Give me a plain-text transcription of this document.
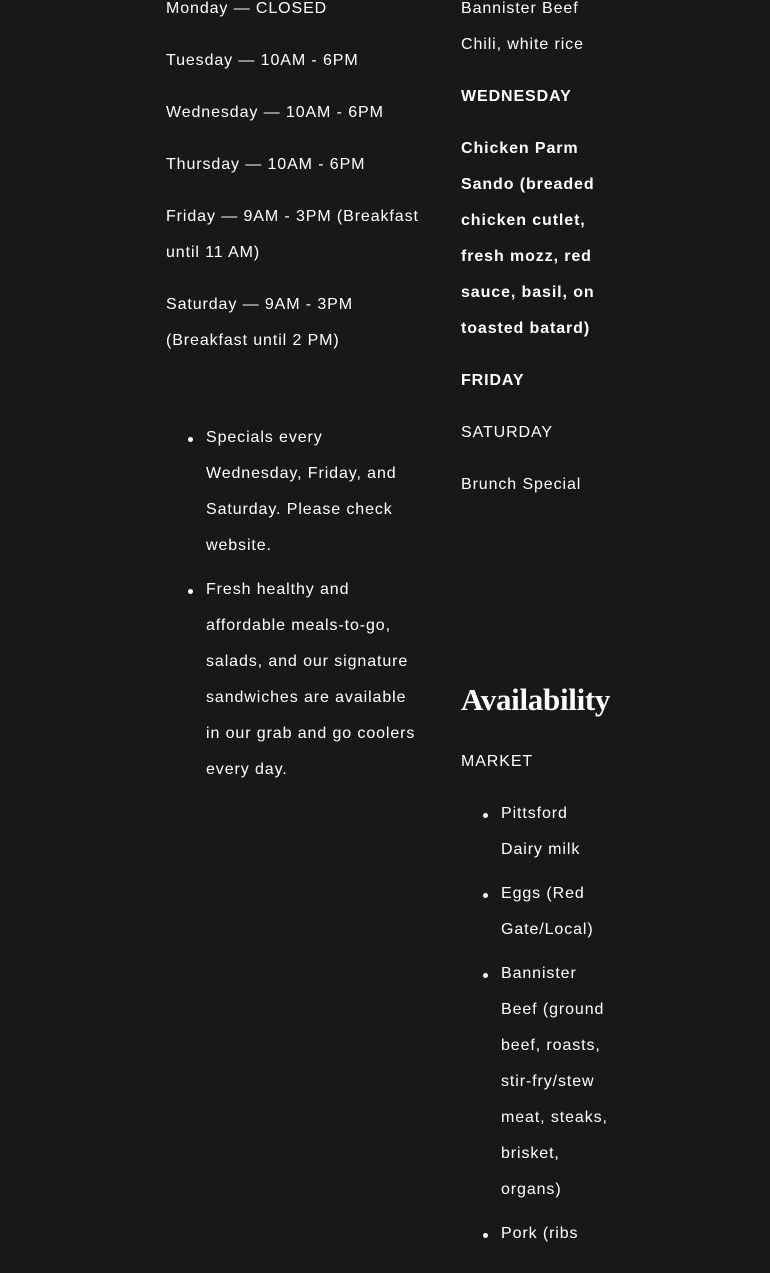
Monday — CLOSED

Tuesday — 10AM - 6PM

Wednesday — 10AM - 6PM

Thursday — 10AM - 6PM

Friday — 9AM - 3PM (Breakfast until 11 AM)

Saturday — 9AM - 3PM (Breakfast until 2 PM)

Specials every Wednesday, Friday, and Saturday. Please check website.
Fresh healthy and affordable meals-to-go, salads, and our signature sandwiches are available in our grab and go coolers every day.

Bannister Beef Chili, white rice

WEDNESDAY

Chicken Parm Sando (breaded chicken cutlet, fresh mozz, red sauce, basil, on toasted batard)

FRIDAY

SATURDAY

Brunch Special

Availability

MARKET

Pittsford Dairy milk
Eggs (Red Gate/Local)
Bannister Beef (ground beef, roasts, stir-fry/stew meat, steaks, brisket, organs)
Pork (ribs
